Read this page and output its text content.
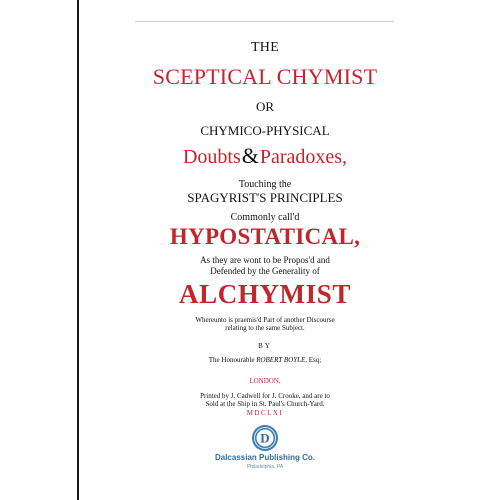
THE
SCEPTICAL CHYMIST
OR
CHYMICO-PHYSICAL
Doubts&Paradoxes,
Touching the
SPAGYRIST'S PRINCIPLES
Commonly call'd
HYPOSTATICAL,
As they are wont to be Propos'd and
Defended by the Generality of
ALCHYMIST
Whereunto is praemis'd Part of another Discourse
relating to the same Subject.
BY
The Honourable ROBERT BOYLE, Esq;
LONDON,
Printed by J. Cadwell for J. Crooke, and are to
Sold at the Ship in St. Paul's Church-Yard.
MDCLXI
D
Dalcassian Publishing Co.
Philadelphia, PA
